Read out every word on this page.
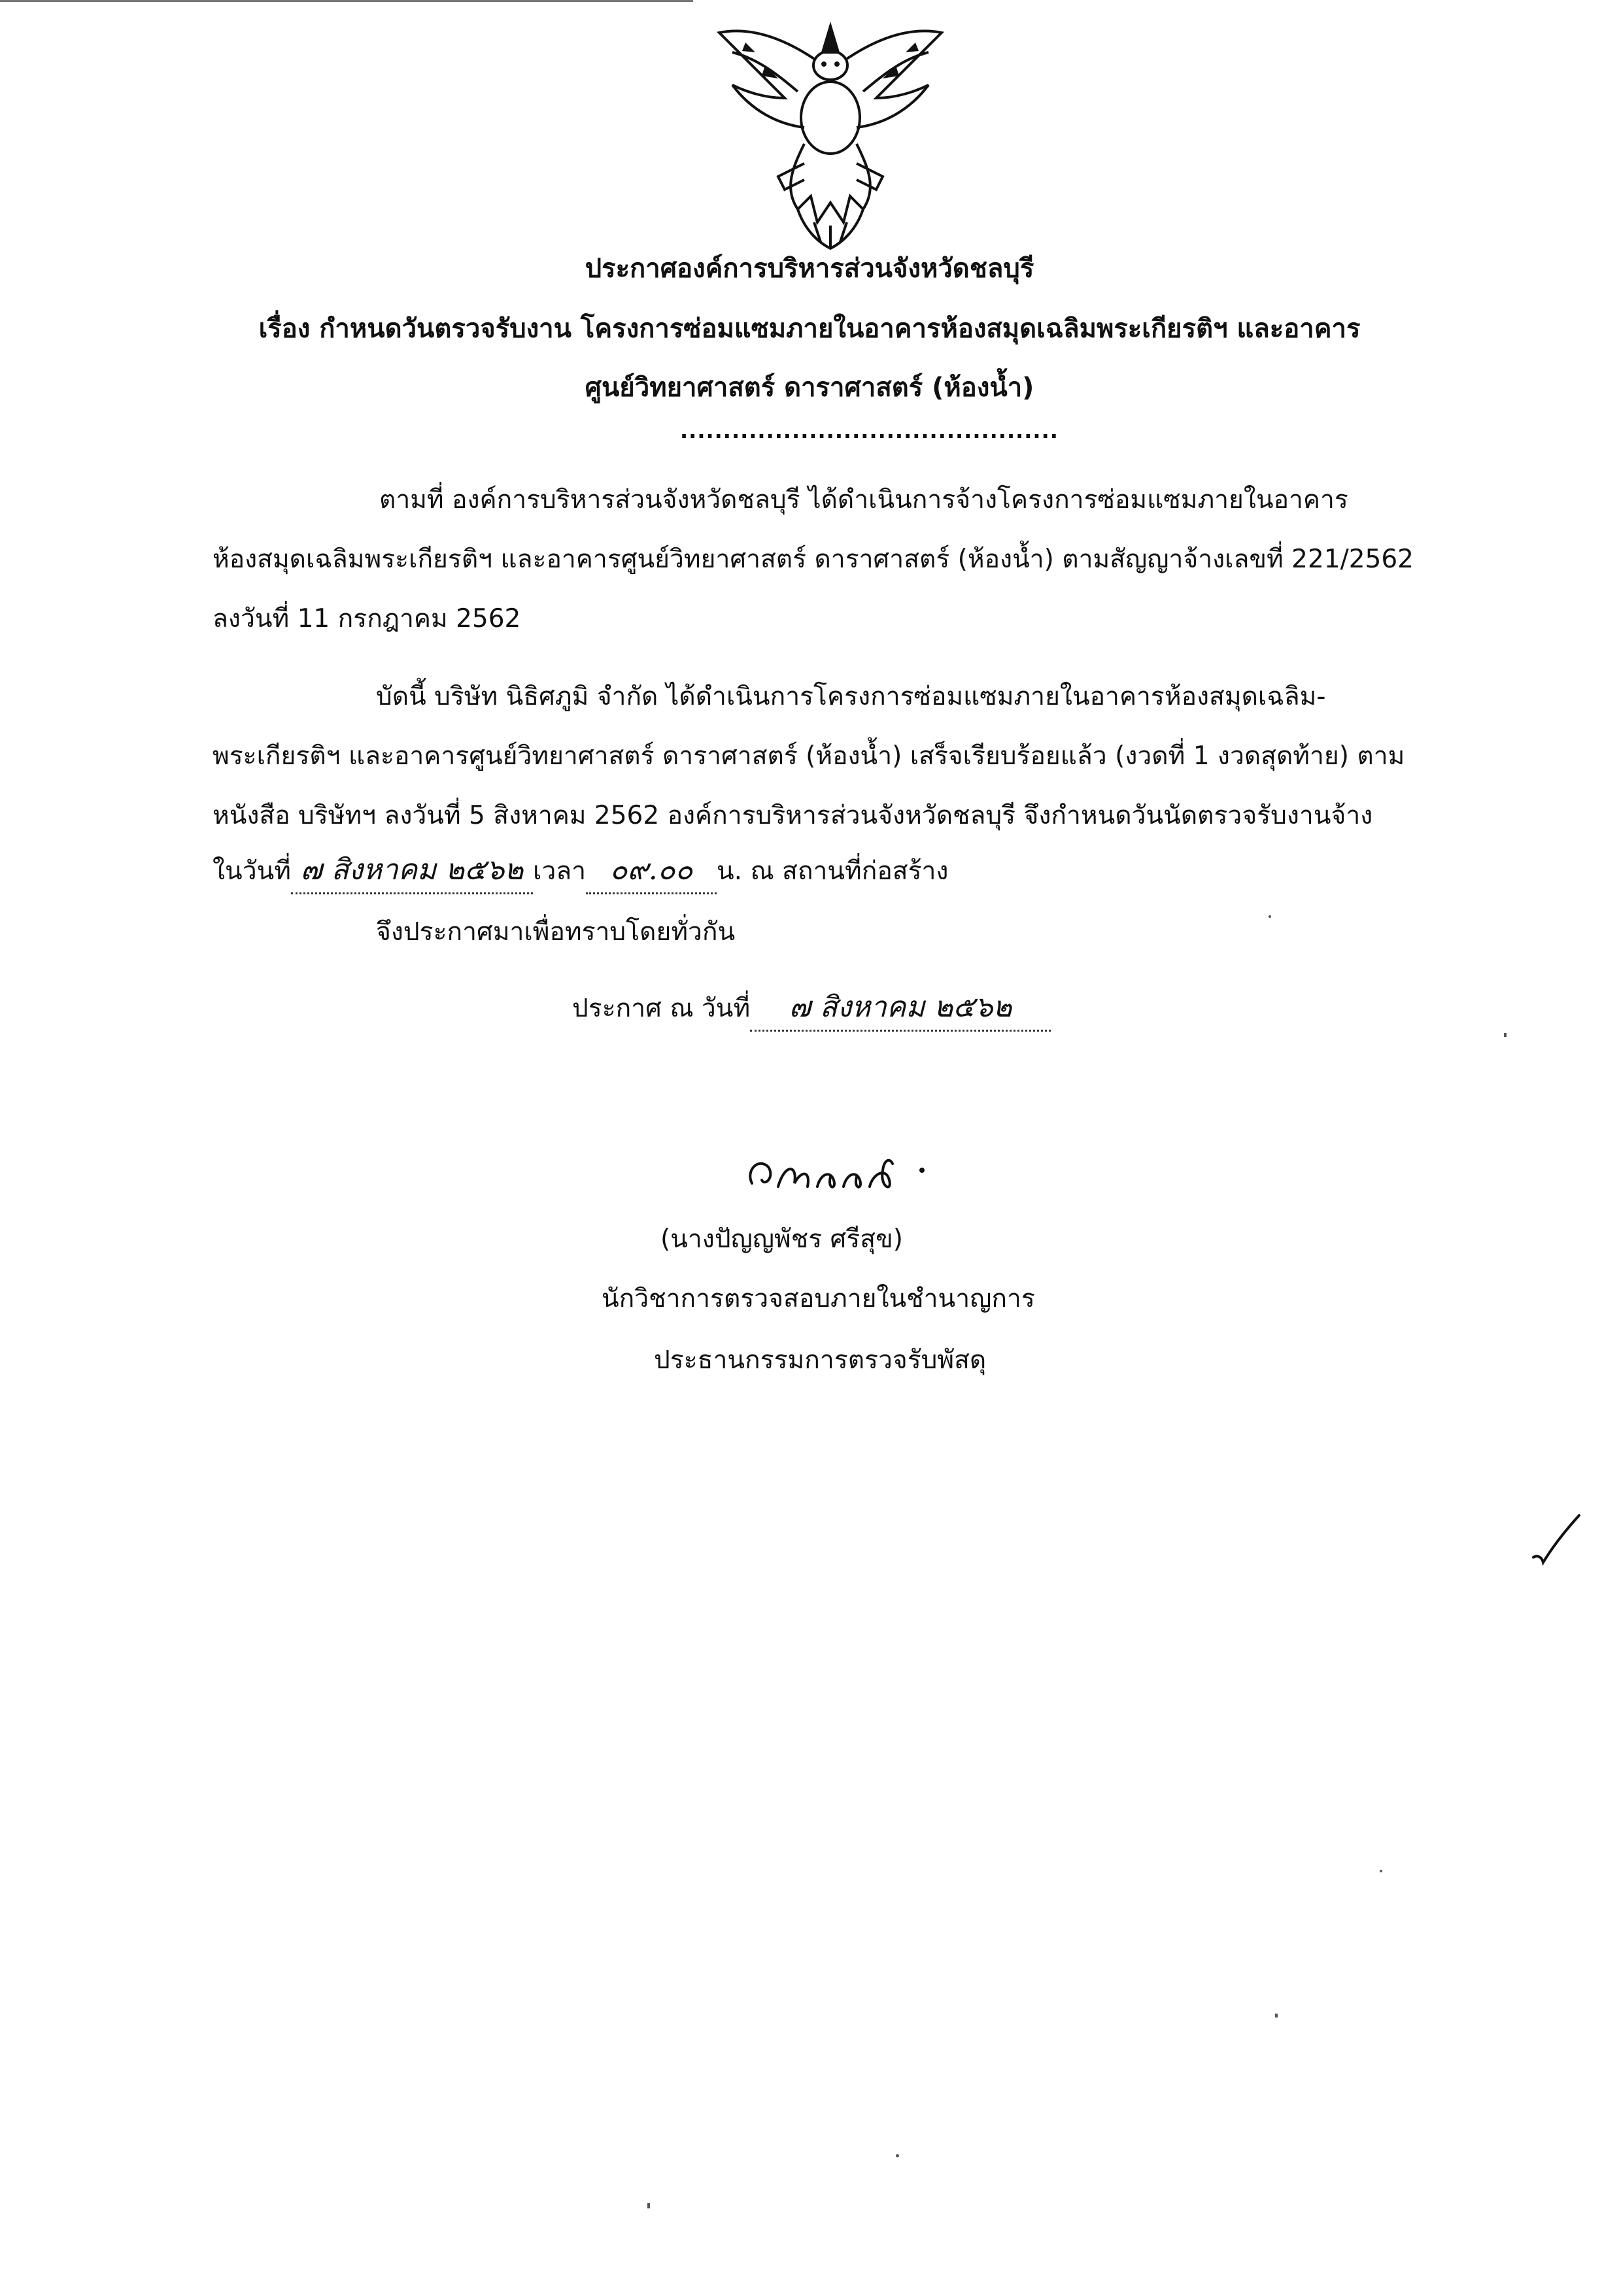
ประกาศองค์การบริหารส่วนจังหวัดชลบุรี
เรื่อง กำหนดวันตรวจรับงาน โครงการซ่อมแซมภายในอาคารห้องสมุดเฉลิมพระเกียรติฯ และอาคาร
ศูนย์วิทยาศาสตร์ ดาราศาสตร์ (ห้องน้ำ)
............................................
ตามที่ องค์การบริหารส่วนจังหวัดชลบุรี ได้ดำเนินการจ้างโครงการซ่อมแซมภายในอาคาร
ห้องสมุดเฉลิมพระเกียรติฯ และอาคารศูนย์วิทยาศาสตร์ ดาราศาสตร์ (ห้องน้ำ) ตามสัญญาจ้างเลขที่ 221/2562
ลงวันที่ 11 กรกฎาคม 2562
บัดนี้ บริษัท นิธิศภูมิ จำกัด ได้ดำเนินการโครงการซ่อมแซมภายในอาคารห้องสมุดเฉลิม-
พระเกียรติฯ และอาคารศูนย์วิทยาศาสตร์ ดาราศาสตร์ (ห้องน้ำ) เสร็จเรียบร้อยแล้ว (งวดที่ 1 งวดสุดท้าย) ตาม
หนังสือ บริษัทฯ ลงวันที่ 5 สิงหาคม 2562 องค์การบริหารส่วนจังหวัดชลบุรี จึงกำหนดวันนัดตรวจรับงานจ้าง
ในวันที่ ๗ สิงหาคม ๒๕๖๒ เวลา ๐๙.๐๐ น. ณ สถานที่ก่อสร้าง
จึงประกาศมาเพื่อทราบโดยทั่วกัน
ประกาศ ณ วันที่ ๗ สิงหาคม ๒๕๖๒
(นางปัญญพัชร ศรีสุข)
นักวิชาการตรวจสอบภายในชำนาญการ
ประธานกรรมการตรวจรับพัสดุ
